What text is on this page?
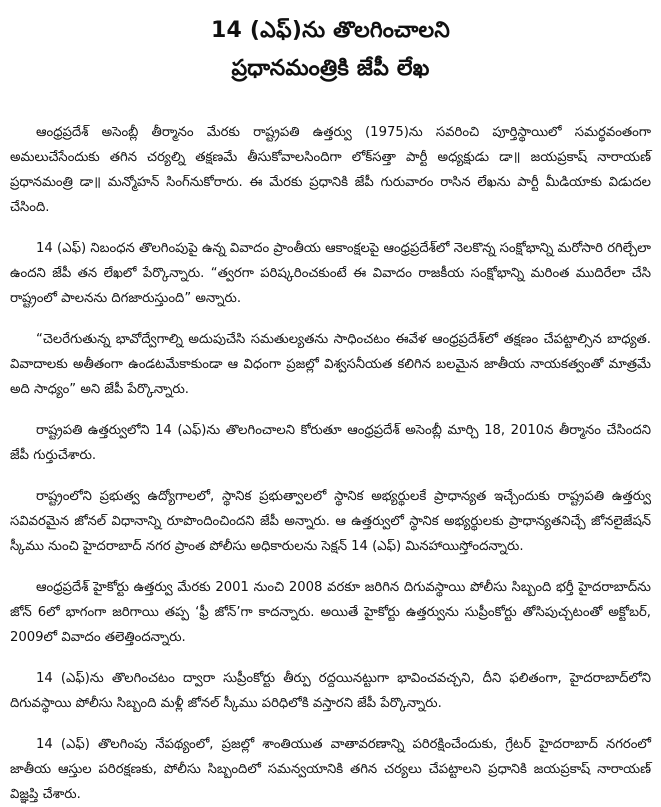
14 (ఎఫ్)ను తొలగించాలని
ప్రధానమంత్రికి జేపీ లేఖ

ఆంధ్రప్రదేశ్ అసెంబ్లీ తీర్మానం మేరకు రాష్ట్రపతి ఉత్తర్వు (1975)ను సవరించి పూర్తిస్థాయిలో సమర్థవంతంగా అమలుచేసేందుకు తగిన చర్యల్ని తక్షణమే తీసుకోవాలసిందిగా లోక్‌సత్తా పార్టీ అధ్యక్షుడు డా॥ జయప్రకాష్ నారాయణ్ ప్రధానమంత్రి డా॥ మన్మోహన్ సింగ్‌నుకోరారు. ఈ మేరకు ప్రధానికి జేపీ గురువారం రాసిన లేఖను పార్టీ మీడియాకు విడుదల చేసింది.

14 (ఎఫ్) నిబంధన తొలగింపుపై ఉన్న వివాదం ప్రాంతీయ ఆకాంక్షలపై ఆంధ్రప్రదేశ్‌లో నెలకొన్న సంక్షోభాన్ని మరోసారి రగిల్చేలా ఉందని జేపీ తన లేఖలో పేర్కొన్నారు. “త్వరగా పరిష్కరించకుంటే ఈ వివాదం రాజకీయ సంక్షోభాన్ని మరింత ముదిరేలా చేసి రాష్ట్రంలో పాలనను దిగజారుస్తుంది” అన్నారు.

“చెలరేగుతున్న భావోద్వేగాల్ని అదుపుచేసి సమతుల్యతను సాధించటం ఈవేళ ఆంధ్రప్రదేశ్‌లో తక్షణం చేపట్టాల్సిన బాధ్యత. వివాదాలకు అతీతంగా ఉండటమేకాకుండా ఆ విధంగా ప్రజల్లో విశ్వసనీయత కలిగిన బలమైన జాతీయ నాయకత్వంతో మాత్రమే అది సాధ్యం” అని జేపీ పేర్కొన్నారు.

రాష్ట్రపతి ఉత్తర్వులోని 14 (ఎఫ్)ను తొలగించాలని కోరుతూ ఆంధ్రప్రదేశ్ అసెంబ్లీ మార్చి 18, 2010న తీర్మానం చేసిందని జేపీ గుర్తుచేశారు.

రాష్ట్రంలోని ప్రభుత్వ ఉద్యోగాలలో, స్థానిక ప్రభుత్వాలలో స్థానిక అభ్యర్థులకే ప్రాధాన్యత ఇచ్చేందుకు రాష్ట్రపతి ఉత్తర్వు సవివరమైన జోనల్ విధానాన్ని రూపొందించిందని జేపీ అన్నారు. ఆ ఉత్తర్వులో స్థానిక అభ్యర్థులకు ప్రాధాన్యతనిచ్చే జోనలైజేషన్ స్కీము నుంచి హైదరాబాద్ నగర ప్రాంత పోలీసు అధికారులను సెక్షన్ 14 (ఎఫ్) మినహాయిస్తోందన్నారు.

ఆంధ్రప్రదేశ్ హైకోర్టు ఉత్తర్వు మేరకు 2001 నుంచి 2008 వరకూ జరిగిన దిగువస్థాయి పోలీసు సిబ్బంది భర్తీ హైదరాబాద్‌ను జోన్ 6లో భాగంగా జరిగాయి తప్ప ‘ఫ్రీ జోన్’గా కాదన్నారు. అయితే హైకోర్టు ఉత్తర్వును సుప్రీంకోర్టు తోసిపుచ్చటంతో అక్టోబర్, 2009లో వివాదం తలెత్తిందన్నారు.

14 (ఎఫ్)ను తొలగించటం ద్వారా సుప్రీంకోర్టు తీర్పు రద్దయినట్టుగా భావించవచ్చని, దీని ఫలితంగా, హైదరాబాద్‌లోని దిగువస్థాయి పోలీసు సిబ్బంది మళ్లీ జోనల్ స్కీము పరిధిలోకి వస్తారని జేపీ పేర్కొన్నారు.

14 (ఎఫ్) తొలగింపు నేపథ్యంలో, ప్రజల్లో శాంతియుత వాతావరణాన్ని పరిరక్షించేందుకు, గ్రేటర్ హైదరాబాద్ నగరంలో జాతీయ ఆస్తుల పరిరక్షణకు, పోలీసు సిబ్బందిలో సమన్వయానికి తగిన చర్యలు చేపట్టాలని ప్రధానికి జయప్రకాష్ నారాయణ్ విజ్ఞప్తి చేశారు.
